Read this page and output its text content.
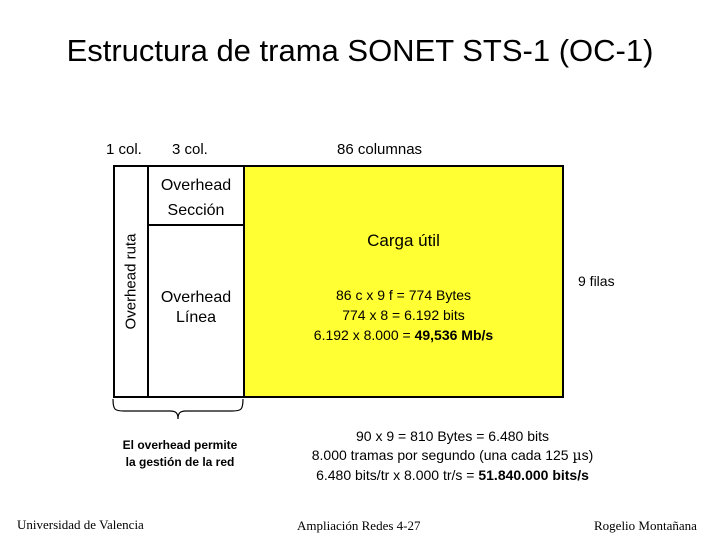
Estructura de trama SONET STS-1 (OC-1)
1 col. 3 col.	86 columnas
Overhead ruta
Overhead
Sección
Overhead
Línea
Carga útil
86 c x 9 f = 774 Bytes
774 x 8 = 6.192 bits
6.192 x 8.000 = 49,536 Mb/s
9 filas
El overhead permite
la gestión de la red
90 x 9 = 810 Bytes = 6.480 bits
8.000 tramas por segundo (una cada 125 µs)
6.480 bits/tr x 8.000 tr/s = 51.840.000 bits/s
Universidad de Valencia	Ampliación Redes 4-27	Rogelio Montañana
